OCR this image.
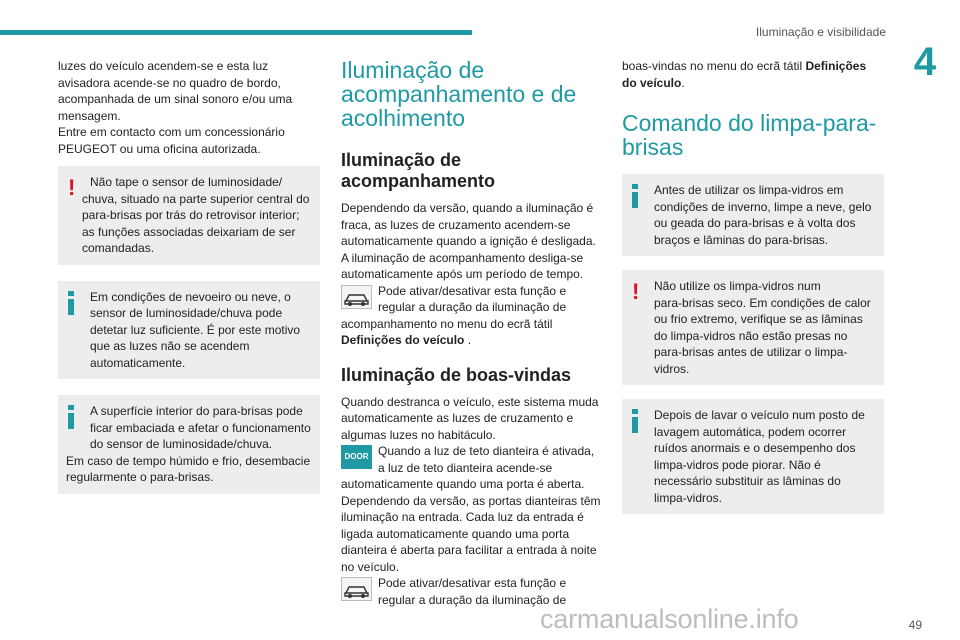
Iluminação e visibilidade
4

luzes do veículo acendem-se e esta luz avisadora acende-se no quadro de bordo, acompanhada de um sinal sonoro e/ou uma mensagem.

Entre em contacto com um concessionário PEUGEOT ou uma oficina autorizada.

!	Não tape o sensor de luminosidade/
chuva, situado na parte superior central do para-brisas por trás do retrovisor interior; as funções associadas deixariam de ser comandadas.
Em condições de nevoeiro ou neve, o
sensor de luminosidade/chuva pode detetar luz suficiente. É por este motivo que as luzes não se acendem automaticamente.
A superfície interior do para-brisas pode
ficar embaciada e afetar o funcionamento do sensor de luminosidade/chuva.
Em caso de tempo húmido e frio, desembacie regularmente o para-brisas.
Iluminação de acompanhamento e de acolhimento
Iluminação de acompanhamento

Dependendo da versão, quando a iluminação é fraca, as luzes de cruzamento acendem-se automaticamente quando a ignição é desligada.

A iluminação de acompanhamento desliga-se automaticamente após um período de tempo.

Pode ativar/desativar esta função e regular a duração da iluminação de acompanhamento no menu do ecrã tátil Definições do veículo .

Iluminação de boas-vindas

Quando destranca o veículo, este sistema muda automaticamente as luzes de cruzamento e algumas luzes no habitáculo.

DOOR Quando a luz de teto dianteira é ativada, a luz de teto dianteira acende-se automaticamente quando uma porta é aberta.

Dependendo da versão, as portas dianteiras têm iluminação na entrada. Cada luz da entrada é ligada automaticamente quando uma porta dianteira é aberta para facilitar a entrada à noite no veículo.

Pode ativar/desativar esta função e regular a duração da iluminação de

boas-vindas no menu do ecrã tátil Definições do veículo.

Comando do limpa-para-brisas
Antes de utilizar os limpa-vidros em
condições de inverno, limpe a neve, gelo ou geada do para-brisas e à volta dos braços e lâminas do para-brisas.
!	Não utilize os limpa-vidros num
para-brisas seco. Em condições de calor ou frio extremo, verifique se as lâminas do limpa-vidros não estão presas no para-brisas antes de utilizar o limpa-vidros.
Depois de lavar o veículo num posto de
lavagem automática, podem ocorrer ruídos anormais e o desempenho dos limpa-vidros pode piorar. Não é necessário substituir as lâminas do limpa-vidros.
carmanualsonline.info	49
